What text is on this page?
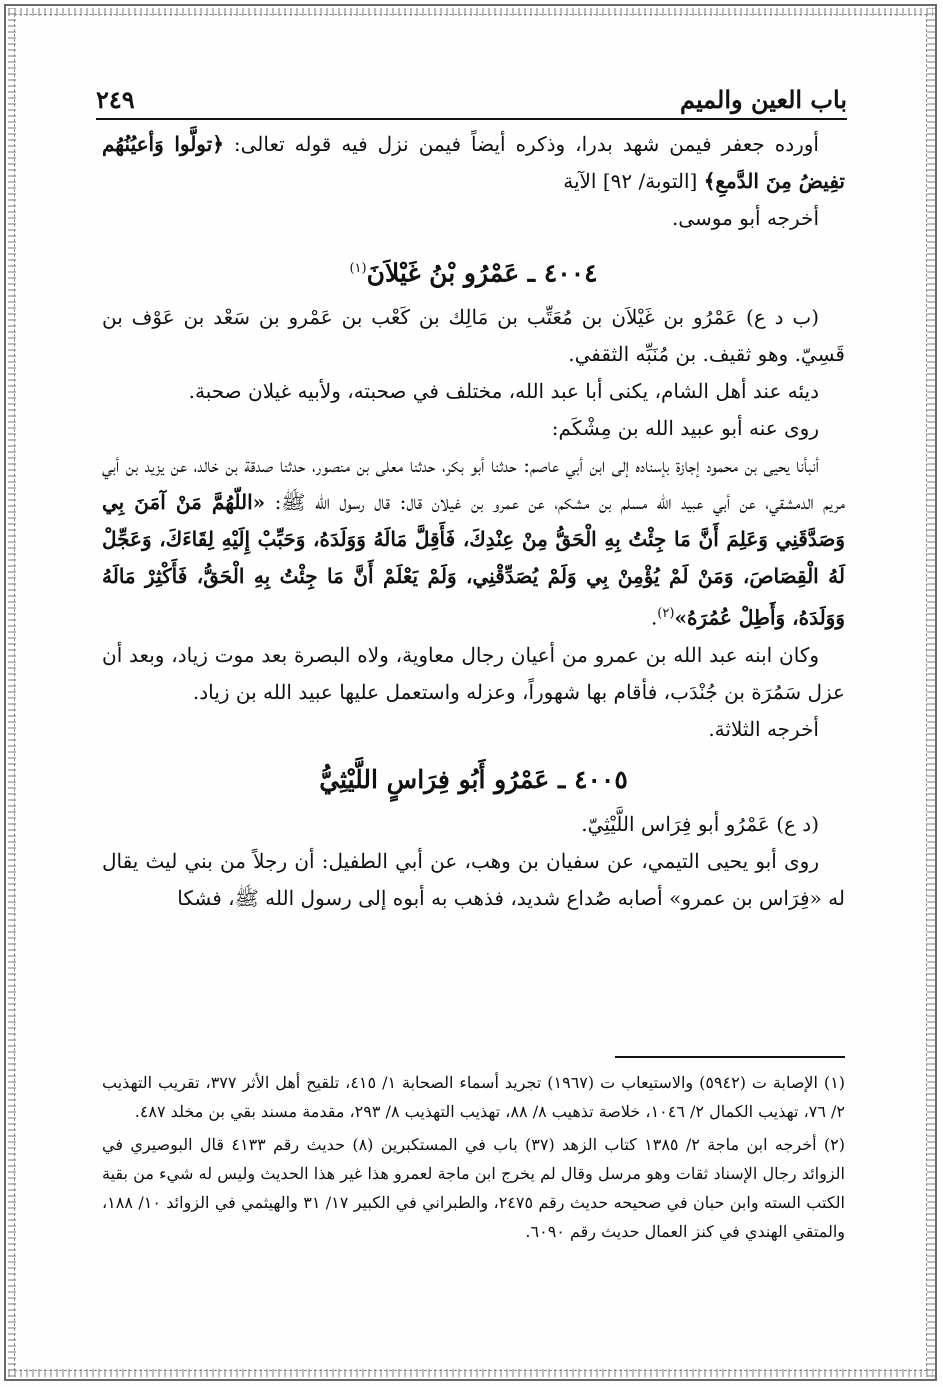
باب العين والميم
٢٤٩

أورده جعفر فيمن شهد بدرا، وذكره أيضاً فيمن نزل فيه قوله تعالى: ﴿تولَّوا وَأعيُنُهُم تفِيضُ مِنَ الدَّمعِ﴾ [التوبة/ ٩٢] الآية

أخرجه أبو موسى.

٤٠٠٤ ـ عَمْرُو بْنُ غَيْلاَنَ$^{(١)}$

(ب د ع) عَمْرُو بن غَيْلاَن بن مُعَتِّب بن مَالِك بن كَعْب بن عَمْرو بن سَعْد بن عَوْف بن قَسِيّ. وهو ثقيف. بن مُنَبِّه الثقفي.

ديئه عند أهل الشام، يكنى أبا عبد الله، مختلف في صحبته، ولأبيه غيلان صحبة.

روى عنه أبو عبيد الله بن مِشْكَم:

أنبأنا يحيى بن محمود إجازة بإسناده إلى ابن أبي عاصم: حدثنا أبو بكر، حدثنا معلى بن منصور، حدثنا صدقة بن خالد، عن يزيد بن أبي مريم الدمشقي، عن أبي عبيد الله مسلم بن مشكم، عن عمرو بن غيلان قال: قال رسول الله ﷺ: «اللّهُمَّ مَنْ آمَنَ بِي وَصَدَّقَنِي وَعَلِمَ أَنَّ مَا جِئْتُ بِهِ الْحَقُّ مِنْ عِنْدِكَ، فَأَقِلَّ مَالَهُ وَوَلَدَهُ، وَحَبِّبْ إِلَيْهِ لِقَاءَكَ، وَعَجِّلْ لَهُ الْقِصَاصَ، وَمَنْ لَمْ يُؤْمِنْ بِي وَلَمْ يُصَدِّقْنِي، وَلَمْ يَعْلَمْ أَنَّ مَا جِئْتُ بِهِ الْحَقُّ، فَأَكْثِرْ مَالَهُ وَوَلَدَهُ، وَأَطِلْ عُمُرَهُ»$^{(٢)}$.

وكان ابنه عبد الله بن عمرو من أعيان رجال معاوية، ولاه البصرة بعد موت زياد، وبعد أن عزل سَمُرَة بن جُنْدَب، فأقام بها شهوراً، وعزله واستعمل عليها عبيد الله بن زياد.

أخرجه الثلاثة.

٤٠٠٥ ـ عَمْرُو أَبُو فِرَاسٍ اللَّيْثِيُّ

(د ع) عَمْرُو أبو فِرَاس اللَّيْثِيّ.

روى أبو يحيى التيمي، عن سفيان بن وهب، عن أبي الطفيل: أن رجلاً من بني ليث يقال له «فِرَاس بن عمرو» أصابه صُداع شديد، فذهب به أبوه إلى رسول الله ﷺ، فشكا

(١) الإصابة ت (٥٩٤٢) والاستيعاب ت (١٩٦٧) تجريد أسماء الصحابة ١/ ٤١٥، تلقيح أهل الأثر ٣٧٧، تقريب التهذيب ٢/ ٧٦، تهذيب الكمال ٢/ ١٠٤٦، خلاصة تذهيب ٨/ ٨٨، تهذيب التهذيب ٨/ ٢٩٣، مقدمة مسند بقي بن مخلد ٤٨٧.

(٢) أخرجه ابن ماجة ٢/ ١٣٨٥ كتاب الزهد (٣٧) باب في المستكبرين (٨) حديث رقم ٤١٣٣ قال البوصيري في الزوائد رجال الإسناد ثقات وهو مرسل وقال لم يخرج ابن ماجة لعمرو هذا غير هذا الحديث وليس له شيء من بقية الكتب السته وابن حبان في صحيحه حديث رقم ٢٤٧٥، والطبراني في الكبير ١٧/ ٣١ والهيثمي في الزوائد ١٠/ ١٨٨، والمتقي الهندي في كنز العمال حديث رقم ٦٠٩٠.
